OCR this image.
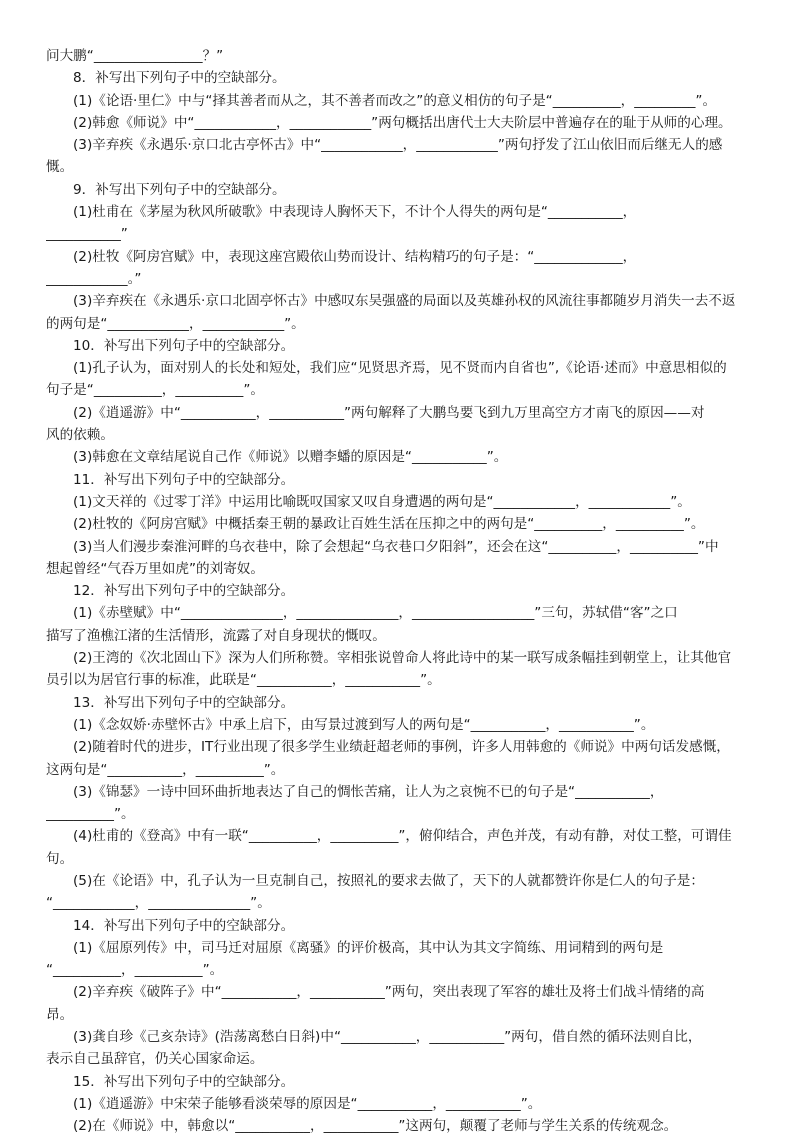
问大鹏“________________？”
8．补写出下列句子中的空缺部分。
(1)《论语·里仁》中与“择其善者而从之，其不善者而改之”的意义相仿的句子是“__________，_________”。
(2)韩愈《师说》中“____________，____________”两句概括出唐代士大夫阶层中普遍存在的耻于从师的心理。
(3)辛弃疾《永遇乐·京口北古亭怀古》中“____________，____________”两句抒发了江山依旧而后继无人的感
慨。
9．补写出下列句子中的空缺部分。
(1)杜甫在《茅屋为秋风所破歌》中表现诗人胸怀天下，不计个人得失的两句是“___________，
___________”
(2)杜牧《阿房宫赋》中，表现这座宫殿依山势而设计、结构精巧的句子是：“_____________，
____________。”
(3)辛弃疾在《永遇乐·京口北固亭怀古》中感叹东吴强盛的局面以及英雄孙权的风流往事都随岁月消失一去不返
的两句是“____________，____________”。
10．补写出下列句子中的空缺部分。
(1)孔子认为，面对别人的长处和短处，我们应“见贤思齐焉，见不贤而内自省也”,《论语·述而》中意思相似的
句子是“__________，__________”。
(2)《逍遥游》中“___________，___________”两句解释了大鹏鸟要飞到九万里高空方才南飞的原因——对
风的依赖。
(3)韩愈在文章结尾说自己作《师说》以赠李蟠的原因是“___________”。
11．补写出下列句子中的空缺部分。
(1)文天祥的《过零丁洋》中运用比喻既叹国家又叹自身遭遇的两句是“____________，____________”。
(2)杜牧的《阿房宫赋》中概括秦王朝的暴政让百姓生活在压抑之中的两句是“__________，__________”。
(3)当人们漫步秦淮河畔的乌衣巷中，除了会想起“乌衣巷口夕阳斜”，还会在这“__________，__________”中
想起曾经“气吞万里如虎”的刘寄奴。
12．补写出下列句子中的空缺部分。
(1)《赤壁赋》中“_______________，_______________，__________________”三句，苏轼借“客”之口
描写了渔樵江渚的生活情形，流露了对自身现状的慨叹。
(2)王湾的《次北固山下》深为人们所称赞。宰相张说曾命人将此诗中的某一联写成条幅挂到朝堂上，让其他官
员引以为居官行事的标准，此联是“___________，___________”。
13．补写出下列句子中的空缺部分。
(1)《念奴娇·赤壁怀古》中承上启下，由写景过渡到写人的两句是“___________，___________”。
(2)随着时代的进步，IT行业出现了很多学生业绩赶超老师的事例，许多人用韩愈的《师说》中两句话发感慨，
这两句是“___________，__________”。
(3)《锦瑟》一诗中回环曲折地表达了自己的惆怅苦痛，让人为之哀惋不已的句子是“___________，
__________”。
(4)杜甫的《登高》中有一联“__________，__________”，俯仰结合，声色并茂，有动有静，对仗工整，可谓佳
句。
(5)在《论语》中，孔子认为一旦克制自己，按照礼的要求去做了，天下的人就都赞许你是仁人的句子是：
“____________，_______________”。
14．补写出下列句子中的空缺部分。
(1)《屈原列传》中，司马迁对屈原《离骚》的评价极高，其中认为其文字简练、用词精到的两句是
“__________，__________”。
(2)辛弃疾《破阵子》中“___________，___________”两句，突出表现了军容的雄壮及将士们战斗情绪的高
昂。
(3)龚自珍《己亥杂诗》(浩荡离愁白日斜)中“___________，___________”两句，借自然的循环法则自比，
表示自己虽辞官，仍关心国家命运。
15．补写出下列句子中的空缺部分。
(1)《逍遥游》中宋荣子能够看淡荣辱的原因是“___________，___________”。
(2)在《师说》中，韩愈以“___________，___________”这两句，颠覆了老师与学生关系的传统观念。
